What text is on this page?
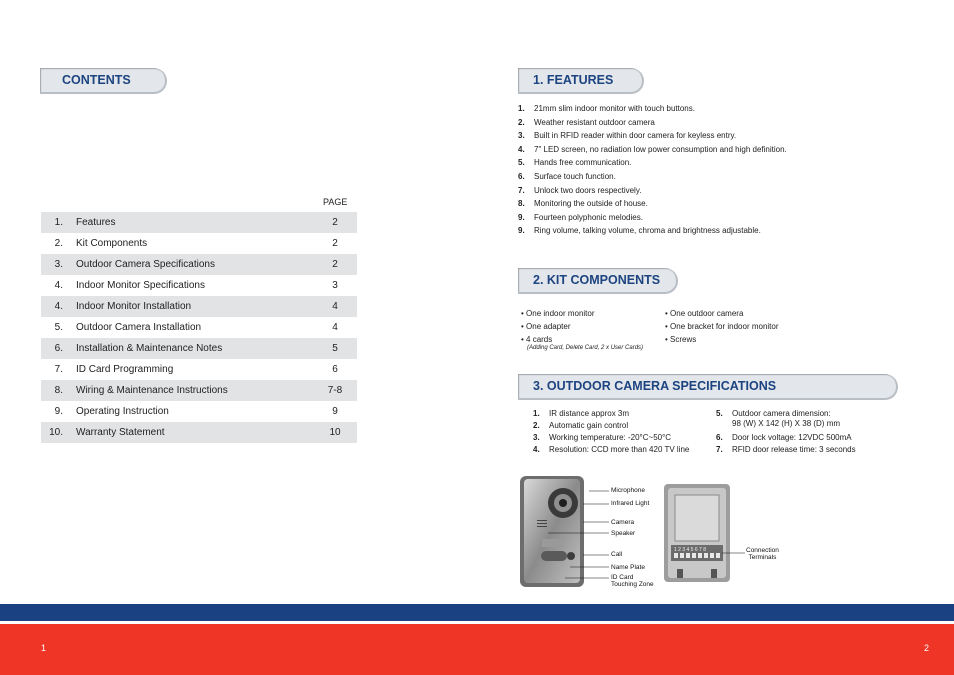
CONTENTS
PAGE
1.	Features	2
2.	Kit Components	2
3.	Outdoor Camera Specifications	2
4.	Indoor Monitor Specifications	3
4.	Indoor Monitor Installation	4
5.	Outdoor Camera Installation	4
6.	Installation & Maintenance Notes	5
7.	ID Card Programming	6
8.	Wiring & Maintenance Instructions	7-8
9.	Operating Instruction	9
10.	Warranty Statement	10
1. FEATURES
1. 21mm slim indoor monitor with touch buttons.
2. Weather resistant outdoor camera
3. Built in RFID reader within door camera for keyless entry.
4. 7" LED screen, no radiation low power consumption and high definition.
5. Hands free communication.
6. Surface touch function.
7. Unlock two doors respectively.
8. Monitoring the outside of house.
9. Fourteen polyphonic melodies.
9. Ring volume, talking volume, chroma and brightness adjustable.
2. KIT COMPONENTS
• One indoor monitor
• One adapter
• 4 cards
(Adding Card, Delete Card, 2 x User Cards)
• One outdoor camera
• One bracket for indoor monitor
• Screws
3. OUTDOOR CAMERA SPECIFICATIONS
1. IR distance approx 3m
2. Automatic gain control
3. Working temperature: -20°C~50°C
4. Resolution: CCD more than 420 TV line
5. Outdoor camera dimension:
98 (W) X 142 (H) X 38 (D) mm
6. Door lock voltage: 12VDC 500mA
7. RFID door release time: 3 seconds
1 2 3 4 5 6 7 8
Microphone
Infrared Light
Camera
Speaker
Call
Name Plate
ID Card
Touching Zone
Connection
Terminals
1	2
